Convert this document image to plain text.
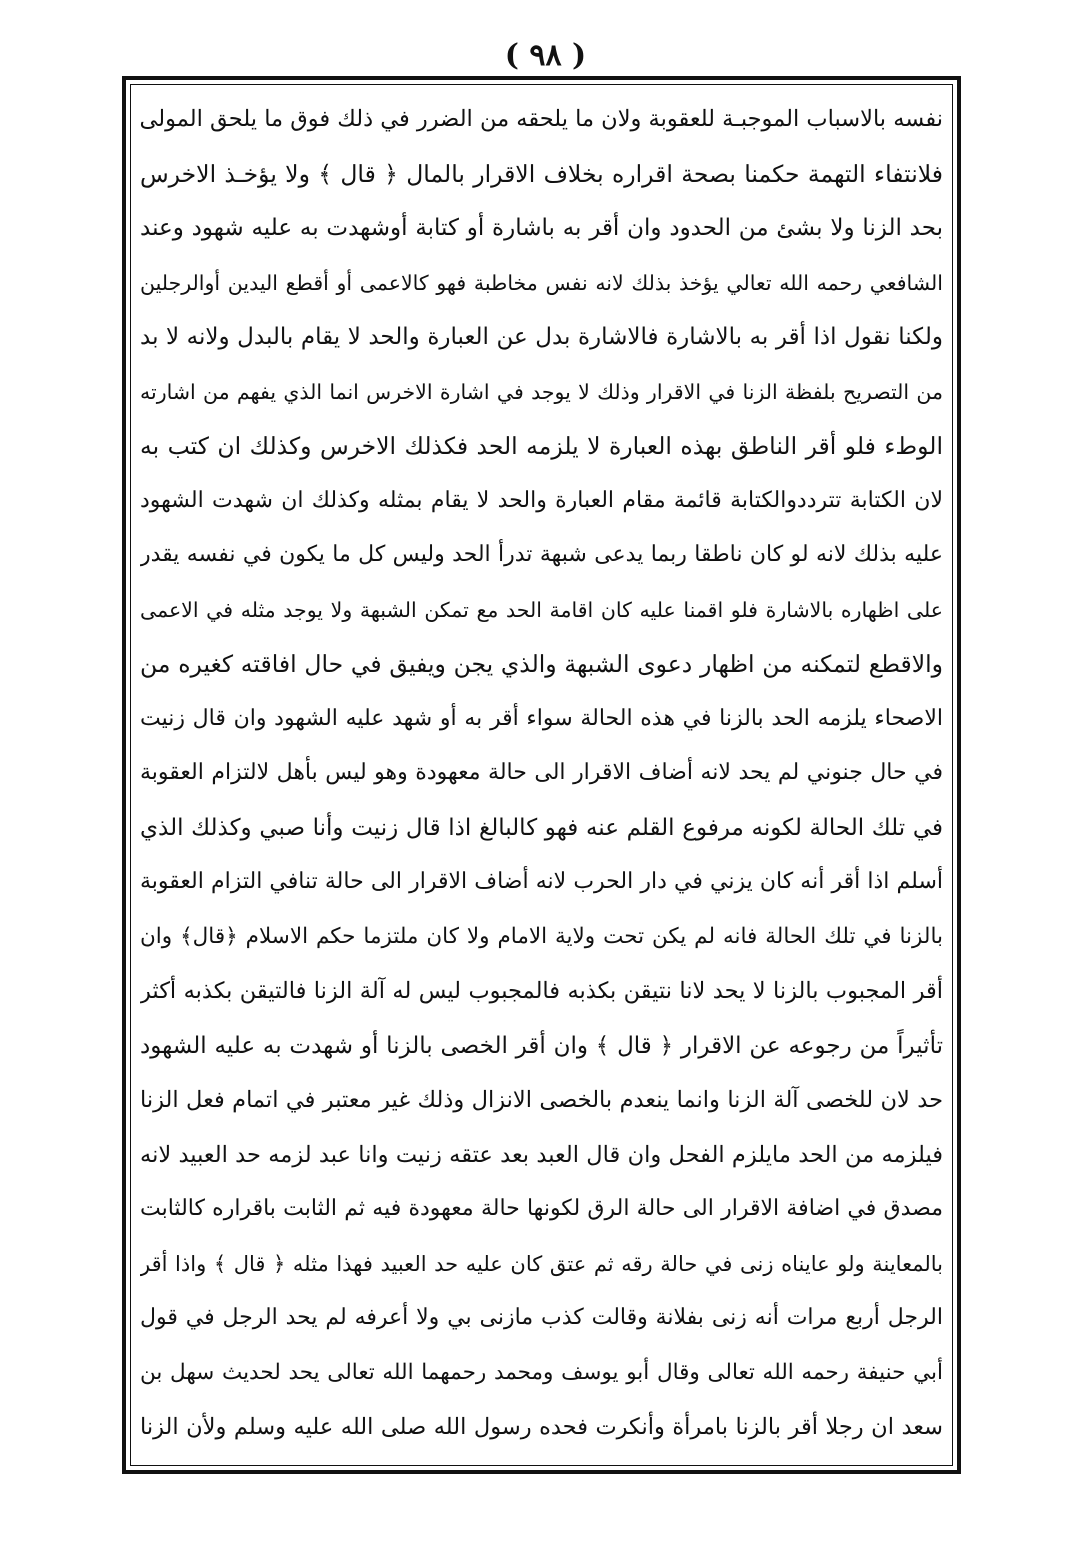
( ٩٨ )
نفسه بالاسباب الموجبـة للعقوبة ولان ما يلحقه من الضرر في ذلك فوق ما يلحق المولى
فلانتفاء التهمة حكمنا بصحة اقراره بخلاف الاقرار بالمال ﴿ قال ﴾ ولا يؤخـذ الاخرس
بحد الزنا ولا بشئ من الحدود وان أقر به باشارة أو كتابة أوشهدت به عليه شهود وعند
الشافعي رحمه الله تعالي يؤخذ بذلك لانه نفس مخاطبة فهو كالاعمى أو أقطع اليدين أوالرجلين
ولكنا نقول اذا أقر به بالاشارة فالاشارة بدل عن العبارة والحد لا يقام بالبدل ولانه لا بد
من التصريح بلفظة الزنا في الاقرار وذلك لا يوجد في اشارة الاخرس انما الذي يفهم من اشارته
الوطء فلو أقر الناطق بهذه العبارة لا يلزمه الحد فكذلك الاخرس وكذلك ان كتب به
لان الكتابة تترددوالكتابة قائمة مقام العبارة والحد لا يقام بمثله وكذلك ان شهدت الشهود
عليه بذلك لانه لو كان ناطقا ربما يدعى شبهة تدرأ الحد وليس كل ما يكون في نفسه يقدر
على اظهاره بالاشارة فلو اقمنا عليه كان اقامة الحد مع تمكن الشبهة ولا يوجد مثله في الاعمى
والاقطع لتمكنه من اظهار دعوى الشبهة والذي يجن ويفيق في حال افاقته كغيره من
الاصحاء يلزمه الحد بالزنا في هذه الحالة سواء أقر به أو شهد عليه الشهود وان قال زنيت
في حال جنوني لم يحد لانه أضاف الاقرار الى حالة معهودة وهو ليس بأهل لالتزام العقوبة
في تلك الحالة لكونه مرفوع القلم عنه فهو كالبالغ اذا قال زنيت وأنا صبي وكذلك الذي
أسلم اذا أقر أنه كان يزني في دار الحرب لانه أضاف الاقرار الى حالة تنافي التزام العقوبة
بالزنا في تلك الحالة فانه لم يكن تحت ولاية الامام ولا كان ملتزما حكم الاسلام ﴿قال﴾ وان
أقر المجبوب بالزنا لا يحد لانا نتيقن بكذبه فالمجبوب ليس له آلة الزنا فالتيقن بكذبه أكثر
تأثيراً من رجوعه عن الاقرار ﴿ قال ﴾ وان أقر الخصى بالزنا أو شهدت به عليه الشهود
حد لان للخصى آلة الزنا وانما ينعدم بالخصى الانزال وذلك غير معتبر في اتمام فعل الزنا
فيلزمه من الحد مايلزم الفحل وان قال العبد بعد عتقه زنيت وانا عبد لزمه حد العبيد لانه
مصدق في اضافة الاقرار الى حالة الرق لكونها حالة معهودة فيه ثم الثابت باقراره كالثابت
بالمعاينة ولو عايناه زنى في حالة رقه ثم عتق كان عليه حد العبيد فهذا مثله ﴿ قال ﴾ واذا أقر
الرجل أربع مرات أنه زنى بفلانة وقالت كذب مازنى بي ولا أعرفه لم يحد الرجل في قول
أبي حنيفة رحمه الله تعالى وقال أبو يوسف ومحمد رحمهما الله تعالى يحد لحديث سهل بن
سعد ان رجلا أقر بالزنا بامرأة وأنكرت فحده رسول الله صلى الله عليه وسلم ولأن الزنا
